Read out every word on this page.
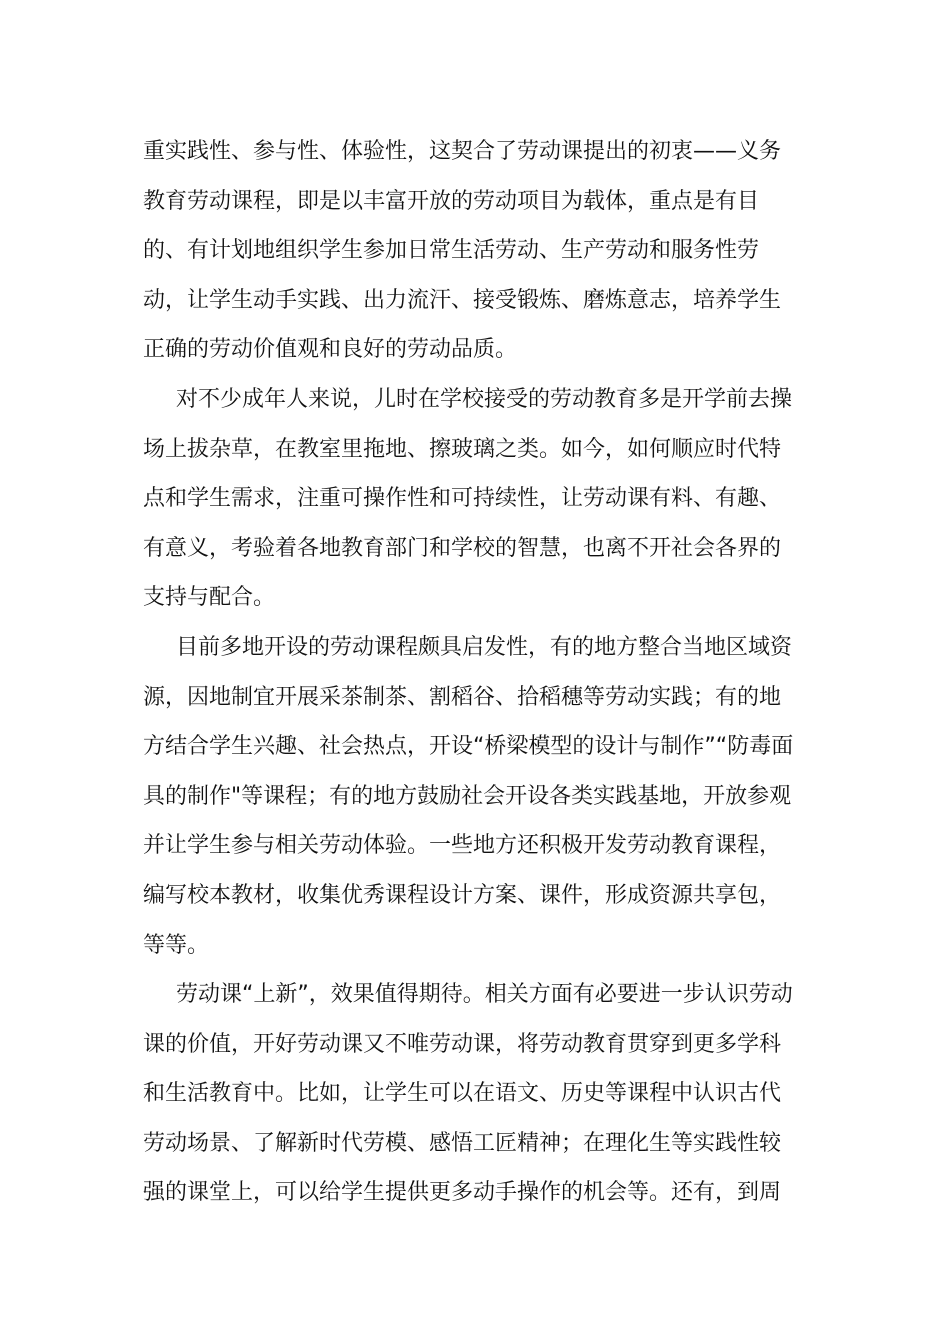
重实践性、参与性、体验性，这契合了劳动课提出的初衷——义务
教育劳动课程，即是以丰富开放的劳动项目为载体，重点是有目
的、有计划地组织学生参加日常生活劳动、生产劳动和服务性劳
动，让学生动手实践、出力流汗、接受锻炼、磨炼意志，培养学生
正确的劳动价值观和良好的劳动品质。
对不少成年人来说，儿时在学校接受的劳动教育多是开学前去操
场上拔杂草，在教室里拖地、擦玻璃之类。如今，如何顺应时代特
点和学生需求，注重可操作性和可持续性，让劳动课有料、有趣、
有意义，考验着各地教育部门和学校的智慧，也离不开社会各界的
支持与配合。
目前多地开设的劳动课程颇具启发性，有的地方整合当地区域资
源，因地制宜开展采茶制茶、割稻谷、拾稻穗等劳动实践；有的地
方结合学生兴趣、社会热点，开设“桥梁模型的设计与制作”“防毒面
具的制作"等课程；有的地方鼓励社会开设各类实践基地，开放参观
并让学生参与相关劳动体验。一些地方还积极开发劳动教育课程，
编写校本教材，收集优秀课程设计方案、课件，形成资源共享包，
等等。
劳动课“上新”，效果值得期待。相关方面有必要进一步认识劳动
课的价值，开好劳动课又不唯劳动课，将劳动教育贯穿到更多学科
和生活教育中。比如，让学生可以在语文、历史等课程中认识古代
劳动场景、了解新时代劳模、感悟工匠精神；在理化生等实践性较
强的课堂上，可以给学生提供更多动手操作的机会等。还有，到周
